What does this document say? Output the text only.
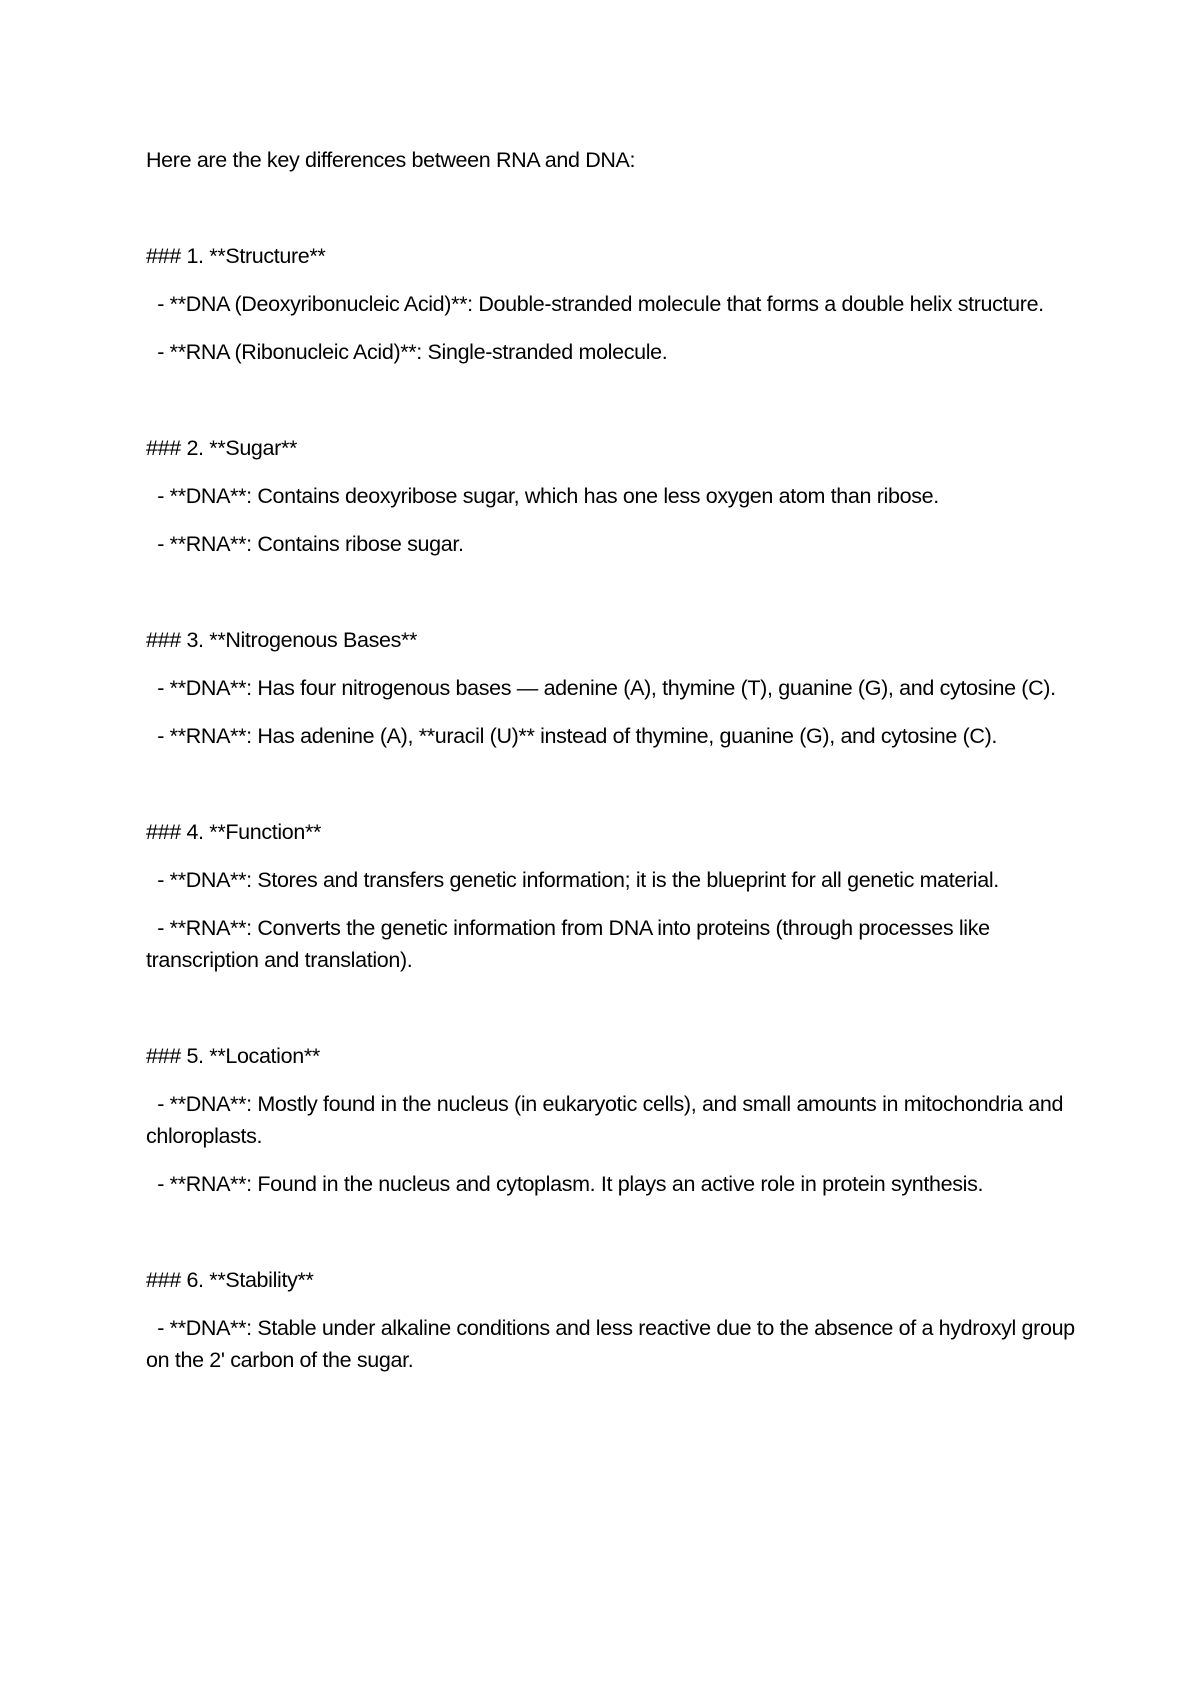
Here are the key differences between RNA and DNA:

### 1. **Structure**

- **DNA (Deoxyribonucleic Acid)**: Double-stranded molecule that forms a double helix structure.

- **RNA (Ribonucleic Acid)**: Single-stranded molecule.

### 2. **Sugar**

- **DNA**: Contains deoxyribose sugar, which has one less oxygen atom than ribose.

- **RNA**: Contains ribose sugar.

### 3. **Nitrogenous Bases**

- **DNA**: Has four nitrogenous bases — adenine (A), thymine (T), guanine (G), and cytosine (C).

- **RNA**: Has adenine (A), **uracil (U)** instead of thymine, guanine (G), and cytosine (C).

### 4. **Function**

- **DNA**: Stores and transfers genetic information; it is the blueprint for all genetic material.

- **RNA**: Converts the genetic information from DNA into proteins (through processes like transcription and translation).

### 5. **Location**

- **DNA**: Mostly found in the nucleus (in eukaryotic cells), and small amounts in mitochondria and chloroplasts.

- **RNA**: Found in the nucleus and cytoplasm. It plays an active role in protein synthesis.

### 6. **Stability**

- **DNA**: Stable under alkaline conditions and less reactive due to the absence of a hydroxyl group on the 2' carbon of the sugar.
